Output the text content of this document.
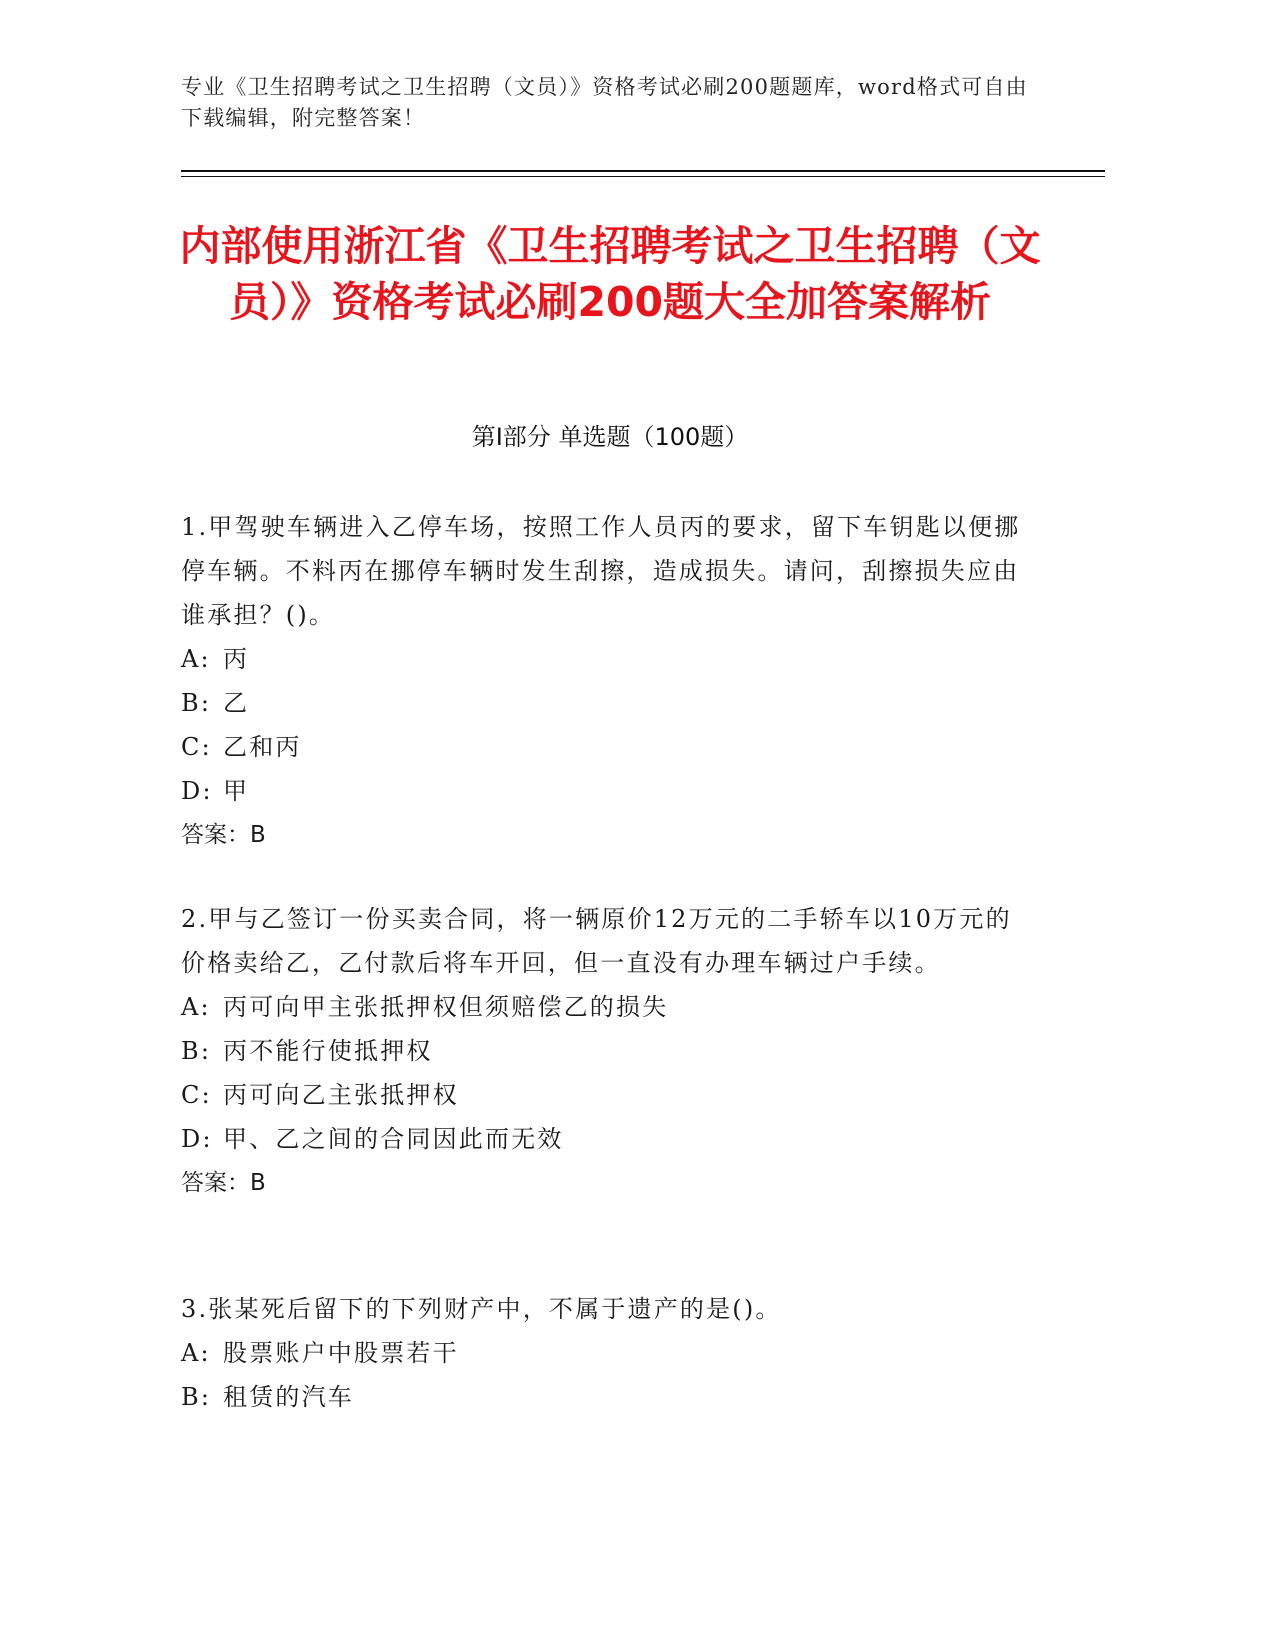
专业《卫生招聘考试之卫生招聘（文员）》资格考试必刷200题题库，word格式可自由下载编辑，附完整答案！
内部使用浙江省《卫生招聘考试之卫生招聘（文员）》资格考试必刷200题大全加答案解析
第Ⅰ部分 单选题（100题）

1.甲驾驶车辆进入乙停车场，按照工作人员丙的要求，留下车钥匙以便挪停车辆。不料丙在挪停车辆时发生刮擦，造成损失。请问，刮擦损失应由谁承担？()。

A: 丙

B: 乙

C: 乙和丙

D: 甲

答案：B

2.甲与乙签订一份买卖合同，将一辆原价12万元的二手轿车以10万元的价格卖给乙，乙付款后将车开回，但一直没有办理车辆过户手续。

A: 丙可向甲主张抵押权但须赔偿乙的损失

B: 丙不能行使抵押权

C: 丙可向乙主张抵押权

D: 甲、乙之间的合同因此而无效

答案：B

3.张某死后留下的下列财产中，不属于遗产的是()。

A: 股票账户中股票若干

B: 租赁的汽车
